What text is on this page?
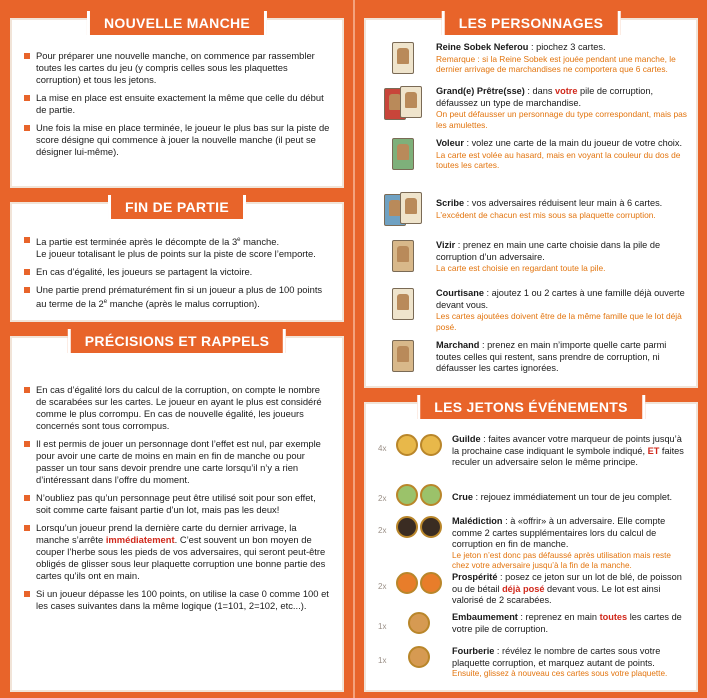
NOUVELLE MANCHE
Pour préparer une nouvelle manche, on commence par rassembler toutes les cartes du jeu (y compris celles sous les plaquettes corruption) et tous les jetons.
La mise en place est ensuite exactement la même que celle du début de partie.
Une fois la mise en place terminée, le joueur le plus bas sur la piste de score désigne qui commence à jouer la nouvelle manche (il peut se désigner lui-même).
FIN DE PARTIE
La partie est terminée après le décompte de la 3e manche.
Le joueur totalisant le plus de points sur la piste de score l’emporte.
En cas d’égalité, les joueurs se partagent la victoire.
Une partie prend prématurément fin si un joueur a plus de 100 points au terme de la 2e manche (après le malus corruption).
PRÉCISIONS ET RAPPELS
En cas d’égalité lors du calcul de la corruption, on compte le nombre de scarabées sur les cartes. Le joueur en ayant le plus est considéré comme le plus corrompu. En cas de nouvelle égalité, les joueurs concernés sont tous corrompus.
Il est permis de jouer un personnage dont l’effet est nul, par exemple pour avoir une carte de moins en main en fin de manche ou pour passer un tour sans devoir prendre une carte lorsqu’il n’y a rien d’intéressant dans l’offre du moment.
N’oubliez pas qu’un personnage peut être utilisé soit pour son effet, soit comme carte faisant partie d’un lot, mais pas les deux!
Lorsqu’un joueur prend la dernière carte du dernier arrivage, la manche s’arrête immédiatement. C’est souvent un bon moyen de couper l’herbe sous les pieds de vos adversaires, qui seront peut-être obligés de glisser sous leur plaquette corruption une bonne partie des cartes qu’ils ont en main.
Si un joueur dépasse les 100 points, on utilise la case 0 comme 100 et les cases suivantes dans la même logique (1=101, 2=102, etc...).
LES PERSONNAGES
Reine Sobek Neferou : piochez 3 cartes.
Remarque : si la Reine Sobek est jouée pendant une manche, le dernier arrivage de marchandises ne comportera que 6 cartes.
Grand(e) Prêtre(sse) : dans votre pile de corruption, défaussez un type de marchandise.
On peut défausser un personnage du type correspondant, mais pas les amulettes.
Voleur : volez une carte de la main du joueur de votre choix.
La carte est volée au hasard, mais en voyant la couleur du dos de toutes les cartes.
Scribe : vos adversaires réduisent leur main à 6 cartes.
L’excédent de chacun est mis sous sa plaquette corruption.
Vizir : prenez en main une carte choisie dans la pile de corruption d’un adversaire.
La carte est choisie en regardant toute la pile.
Courtisane : ajoutez 1 ou 2 cartes à une famille déjà ouverte devant vous.
Les cartes ajoutées doivent être de la même famille que le lot déjà posé.
Marchand : prenez en main n’importe quelle carte parmi toutes celles qui restent, sans prendre de corruption, ni défausser les cartes ignorées.
LES JETONS ÉVÉNEMENTS
4x
Guilde : faites avancer votre marqueur de points jusqu’à la prochaine case indiquant le symbole indiqué, ET faites reculer un adversaire selon le même principe.
2x	Crue : rejouez immédiatement un tour de jeu complet.
2x
Malédiction : à «offrir» à un adversaire. Elle compte comme 2 cartes supplémentaires lors du calcul de corruption en fin de manche.
Le jeton n’est donc pas défaussé après utilisation mais reste chez votre adversaire jusqu’à la fin de la manche.
2x
Prospérité : posez ce jeton sur un lot de blé, de poisson ou de bétail déjà posé devant vous. Le lot est ainsi valorisé de 2 scarabées.
1x
Embaumement : reprenez en main toutes les cartes de votre pile de corruption.
1x
Fourberie : révélez le nombre de cartes sous votre plaquette corruption, et marquez autant de points.
Ensuite, glissez à nouveau ces cartes sous votre plaquette.
